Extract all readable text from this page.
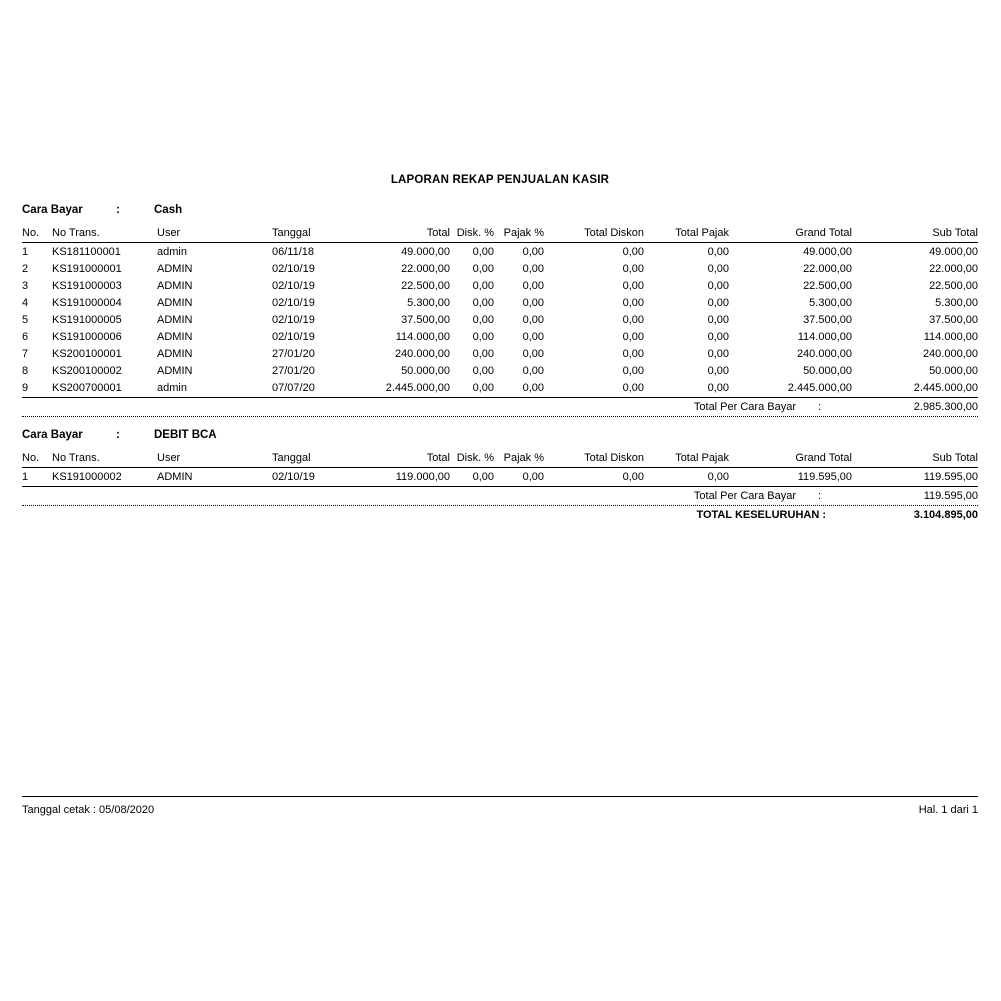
LAPORAN REKAP PENJUALAN KASIR
Cara Bayar	:	Cash
No.	No Trans.	User	Tanggal	Total	Disk. %	Pajak %	Total Diskon	Total Pajak	Grand Total	Sub Total
1	KS181100001	admin	06/11/18	49.000,00	0,00	0,00	0,00	0,00	49.000,00	49.000,00
2	KS191000001	ADMIN	02/10/19	22.000,00	0,00	0,00	0,00	0,00	22.000,00	22.000,00
3	KS191000003	ADMIN	02/10/19	22.500,00	0,00	0,00	0,00	0,00	22.500,00	22.500,00
4	KS191000004	ADMIN	02/10/19	5.300,00	0,00	0,00	0,00	0,00	5.300,00	5.300,00
5	KS191000005	ADMIN	02/10/19	37.500,00	0,00	0,00	0,00	0,00	37.500,00	37.500,00
6	KS191000006	ADMIN	02/10/19	114.000,00	0,00	0,00	0,00	0,00	114.000,00	114.000,00
7	KS200100001	ADMIN	27/01/20	240.000,00	0,00	0,00	0,00	0,00	240.000,00	240.000,00
8	KS200100002	ADMIN	27/01/20	50.000,00	0,00	0,00	0,00	0,00	50.000,00	50.000,00
9	KS200700001	admin	07/07/20	2.445.000,00	0,00	0,00	0,00	0,00	2.445.000,00	2.445.000,00
Total Per Cara Bayar :	2.985.300,00
Cara Bayar	:	DEBIT BCA
No.	No Trans.	User	Tanggal	Total	Disk. %	Pajak %	Total Diskon	Total Pajak	Grand Total	Sub Total
1	KS191000002	ADMIN	02/10/19	119.000,00	0,00	0,00	0,00	0,00	119.595,00	119.595,00
Total Per Cara Bayar :	119.595,00
TOTAL KESELURUHAN :	3.104.895,00
Tanggal cetak : 05/08/2020	Hal. 1 dari 1
